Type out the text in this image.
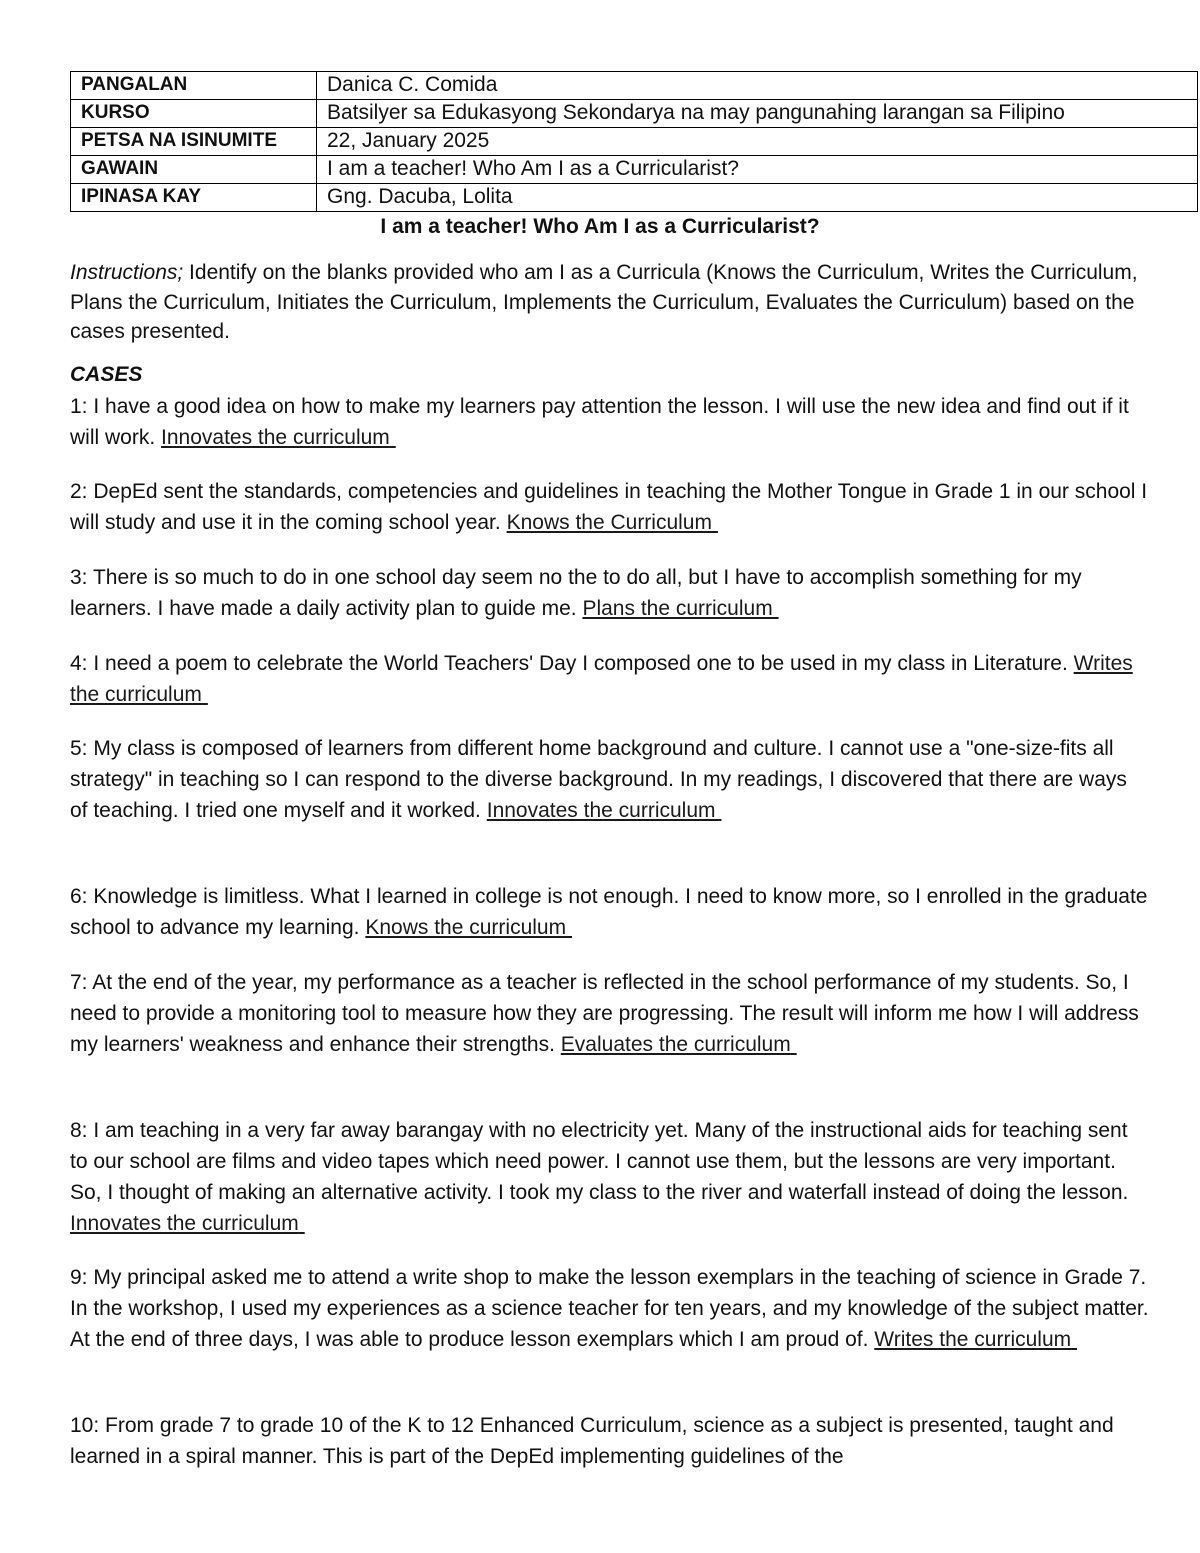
PANGALAN	Danica C. Comida
KURSO	Batsilyer sa Edukasyong Sekondarya na may pangunahing larangan sa Filipino
PETSA NA ISINUMITE	22, January 2025
GAWAIN	I am a teacher! Who Am I as a Curricularist?
IPINASA KAY	Gng. Dacuba, Lolita
I am a teacher! Who Am I as a Curricularist?
Instructions; Identify on the blanks provided who am I as a Curricula (Knows the Curriculum, Writes the Curriculum, Plans the Curriculum, Initiates the Curriculum, Implements the Curriculum, Evaluates the Curriculum) based on the cases presented.
CASES
1: I have a good idea on how to make my learners pay attention the lesson. I will use the new idea and find out if it will work. Innovates the curriculum
2: DepEd sent the standards, competencies and guidelines in teaching the Mother Tongue in Grade 1 in our school I will study and use it in the coming school year. Knows the Curriculum
3: There is so much to do in one school day seem no the to do all, but I have to accomplish something for my learners. I have made a daily activity plan to guide me. Plans the curriculum
4: I need a poem to celebrate the World Teachers' Day I composed one to be used in my class in Literature. Writes the curriculum
5: My class is composed of learners from different home background and culture. I cannot use a "one-size-fits all strategy" in teaching so I can respond to the diverse background. In my readings, I discovered that there are ways of teaching. I tried one myself and it worked. Innovates the curriculum
6: Knowledge is limitless. What I learned in college is not enough. I need to know more, so I enrolled in the graduate school to advance my learning. Knows the curriculum
7: At the end of the year, my performance as a teacher is reflected in the school performance of my students. So, I need to provide a monitoring tool to measure how they are progressing. The result will inform me how I will address my learners' weakness and enhance their strengths. Evaluates the curriculum
8: I am teaching in a very far away barangay with no electricity yet. Many of the instructional aids for teaching sent to our school are films and video tapes which need power. I cannot use them, but the lessons are very important. So, I thought of making an alternative activity. I took my class to the river and waterfall instead of doing the lesson. Innovates the curriculum
9: My principal asked me to attend a write shop to make the lesson exemplars in the teaching of science in Grade 7. In the workshop, I used my experiences as a science teacher for ten years, and my knowledge of the subject matter. At the end of three days, I was able to produce lesson exemplars which I am proud of. Writes the curriculum
10: From grade 7 to grade 10 of the K to 12 Enhanced Curriculum, science as a subject is presented, taught and learned in a spiral manner. This is part of the DepEd implementing guidelines of the
